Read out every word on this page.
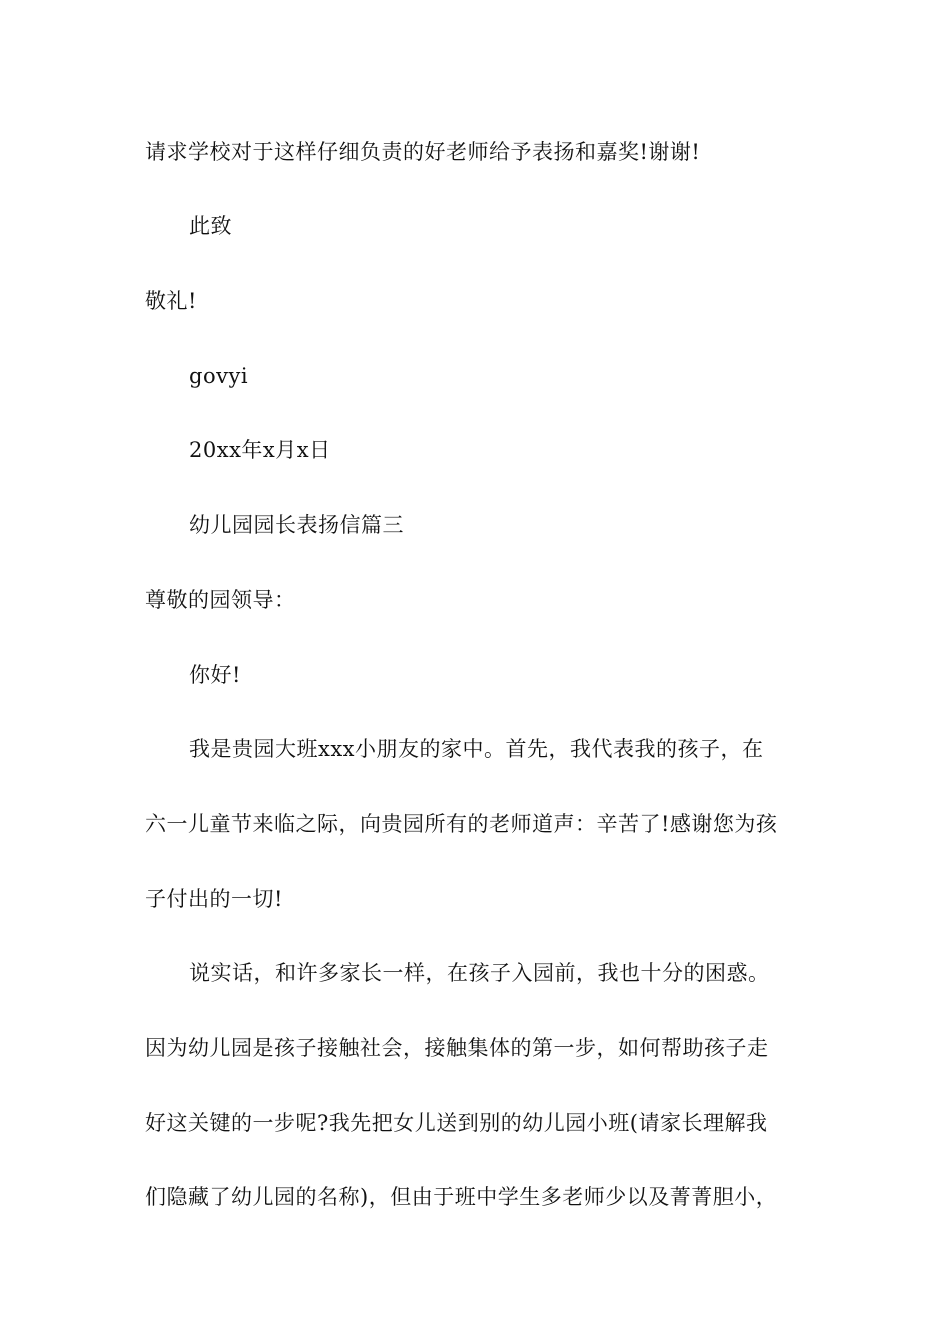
请求学校对于这样仔细负责的好老师给予表扬和嘉奖!谢谢!
此致
敬礼!
govyi
20xx年x月x日
幼儿园园长表扬信篇三
尊敬的园领导：
你好!
我是贵园大班xxx小朋友的家中。首先，我代表我的孩子，在
六一儿童节来临之际，向贵园所有的老师道声：辛苦了!感谢您为孩
子付出的一切!
说实话，和许多家长一样，在孩子入园前，我也十分的困惑。
因为幼儿园是孩子接触社会，接触集体的第一步，如何帮助孩子走
好这关键的一步呢?我先把女儿送到别的幼儿园小班(请家长理解我
们隐藏了幼儿园的名称)，但由于班中学生多老师少以及菁菁胆小，
